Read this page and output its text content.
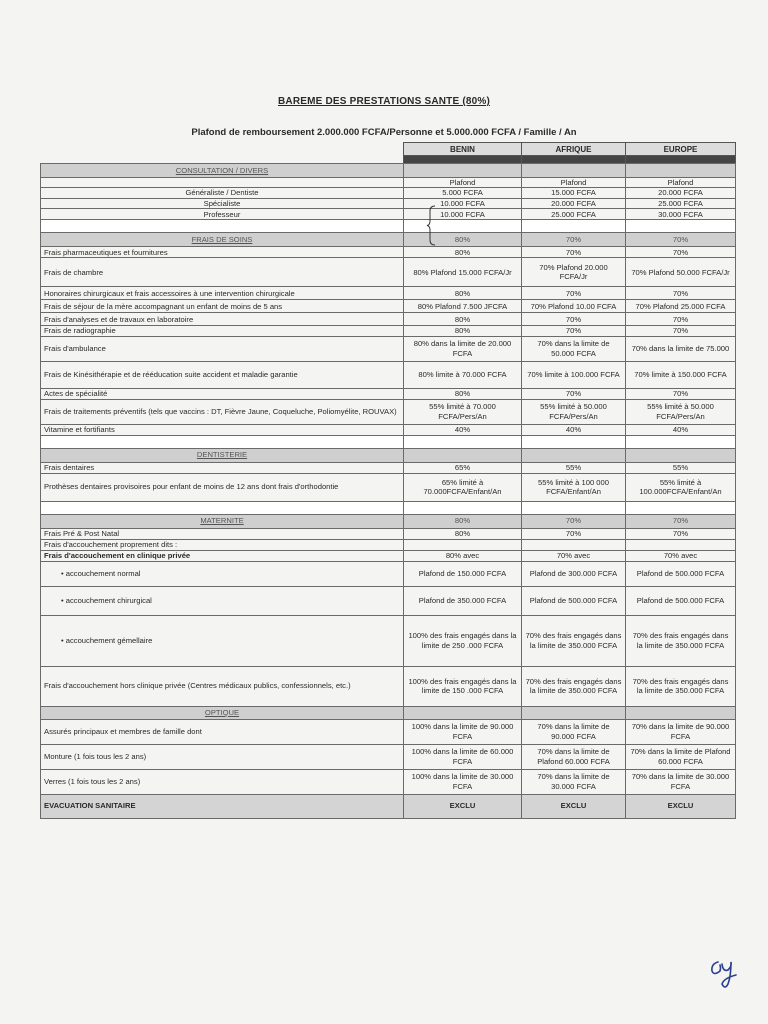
BAREME DES PRESTATIONS SANTE (80%)
Plafond de remboursement 2.000.000 FCFA/Personne et 5.000.000 FCFA / Famille / An
BENIN	AFRIQUE	EUROPE

CONSULTATION / DIVERS			
	Plafond	Plafond	Plafond
Généraliste / Dentiste	5.000 FCFA	15.000 FCFA	20.000 FCFA
Spécialiste	10.000 FCFA	20.000 FCFA	25.000 FCFA
Professeur	10.000 FCFA	25.000 FCFA	30.000 FCFA

FRAIS DE SOINS	80%	70%	70%
Frais pharmaceutiques et fournitures	80%	70%	70%
Frais de chambre	80% Plafond 15.000 FCFA/Jr	70% Plafond 20.000 FCFA/Jr	70% Plafond 50.000 FCFA/Jr
Honoraires chirurgicaux et frais accessoires à une intervention chirurgicale	80%	70%	70%
Frais de séjour de la mère accompagnant un enfant de moins de 5 ans	80% Plafond 7.500 JFCFA	70% Plafond 10.00 FCFA	70% Plafond 25.000 FCFA
Frais d'analyses et de travaux en laboratoire	80%	70%	70%
Frais de radiographie	80%	70%	70%
Frais d'ambulance	80% dans la limite de 20.000 FCFA	70% dans la limite de 50.000 FCFA	70% dans la limite de 75.000
Frais de Kinésithérapie et de rééducation suite accident et maladie garantie	80% limite à 70.000 FCFA	70% limite à 100.000 FCFA	70% limite à 150.000 FCFA
Actes de spécialité	80%	70%	70%
Frais de traitements préventifs (tels que vaccins : DT, Fièvre Jaune, Coqueluche, Poliomyélite, ROUVAX)	55% limité à 70.000 FCFA/Pers/An	55% limité à 50.000 FCFA/Pers/An	55% limité à 50.000 FCFA/Pers/An
Vitamine et fortifiants	40%	40%	40%

DENTISTERIE			
Frais dentaires	65%	55%	55%
Prothèses dentaires provisoires pour enfant de moins de 12 ans dont frais d'orthodontie	65% limité à 70.000FCFA/Enfant/An	55% limité à 100 000 FCFA/Enfant/An	55% limité à 100.000FCFA/Enfant/An

MATERNITE	80%	70%	70%
Frais Pré & Post Natal	80%	70%	70%
Frais d'accouchement proprement dits :			
Frais d'accouchement en clinique privée	80% avec	70% avec	70% avec
• accouchement normal	Plafond de 150.000 FCFA	Plafond de 300.000 FCFA	Plafond de 500.000 FCFA
• accouchement chirurgical	Plafond de 350.000 FCFA	Plafond de 500.000 FCFA	Plafond de 500.000 FCFA
• accouchement gémellaire	100% des frais engagés dans la limite de 250 .000 FCFA	70% des frais engagés dans la limite de 350.000 FCFA	70% des frais engagés dans la limite de 350.000 FCFA
Frais d'accouchement hors clinique privée (Centres médicaux publics, confessionnels, etc.)	100% des frais engagés dans la limite de 150 .000 FCFA	70% des frais engagés dans la limite de 350.000 FCFA	70% des frais engagés dans la limite de 350.000 FCFA
OPTIQUE			
Assurés principaux et membres de famille dont	100% dans la limite de 90.000 FCFA	70% dans la limite de 90.000 FCFA	70% dans la limite de 90.000 FCFA
Monture (1 fois tous les 2 ans)	100% dans la limite de 60.000 FCFA	70% dans la limite de Plafond 60.000 FCFA	70% dans la limite de Plafond 60.000 FCFA
Verres (1 fois tous les 2 ans)	100% dans la limite de 30.000 FCFA	70% dans la limite de 30.000 FCFA	70% dans la limite de 30.000 FCFA
EVACUATION SANITAIRE	EXCLU	EXCLU	EXCLU
